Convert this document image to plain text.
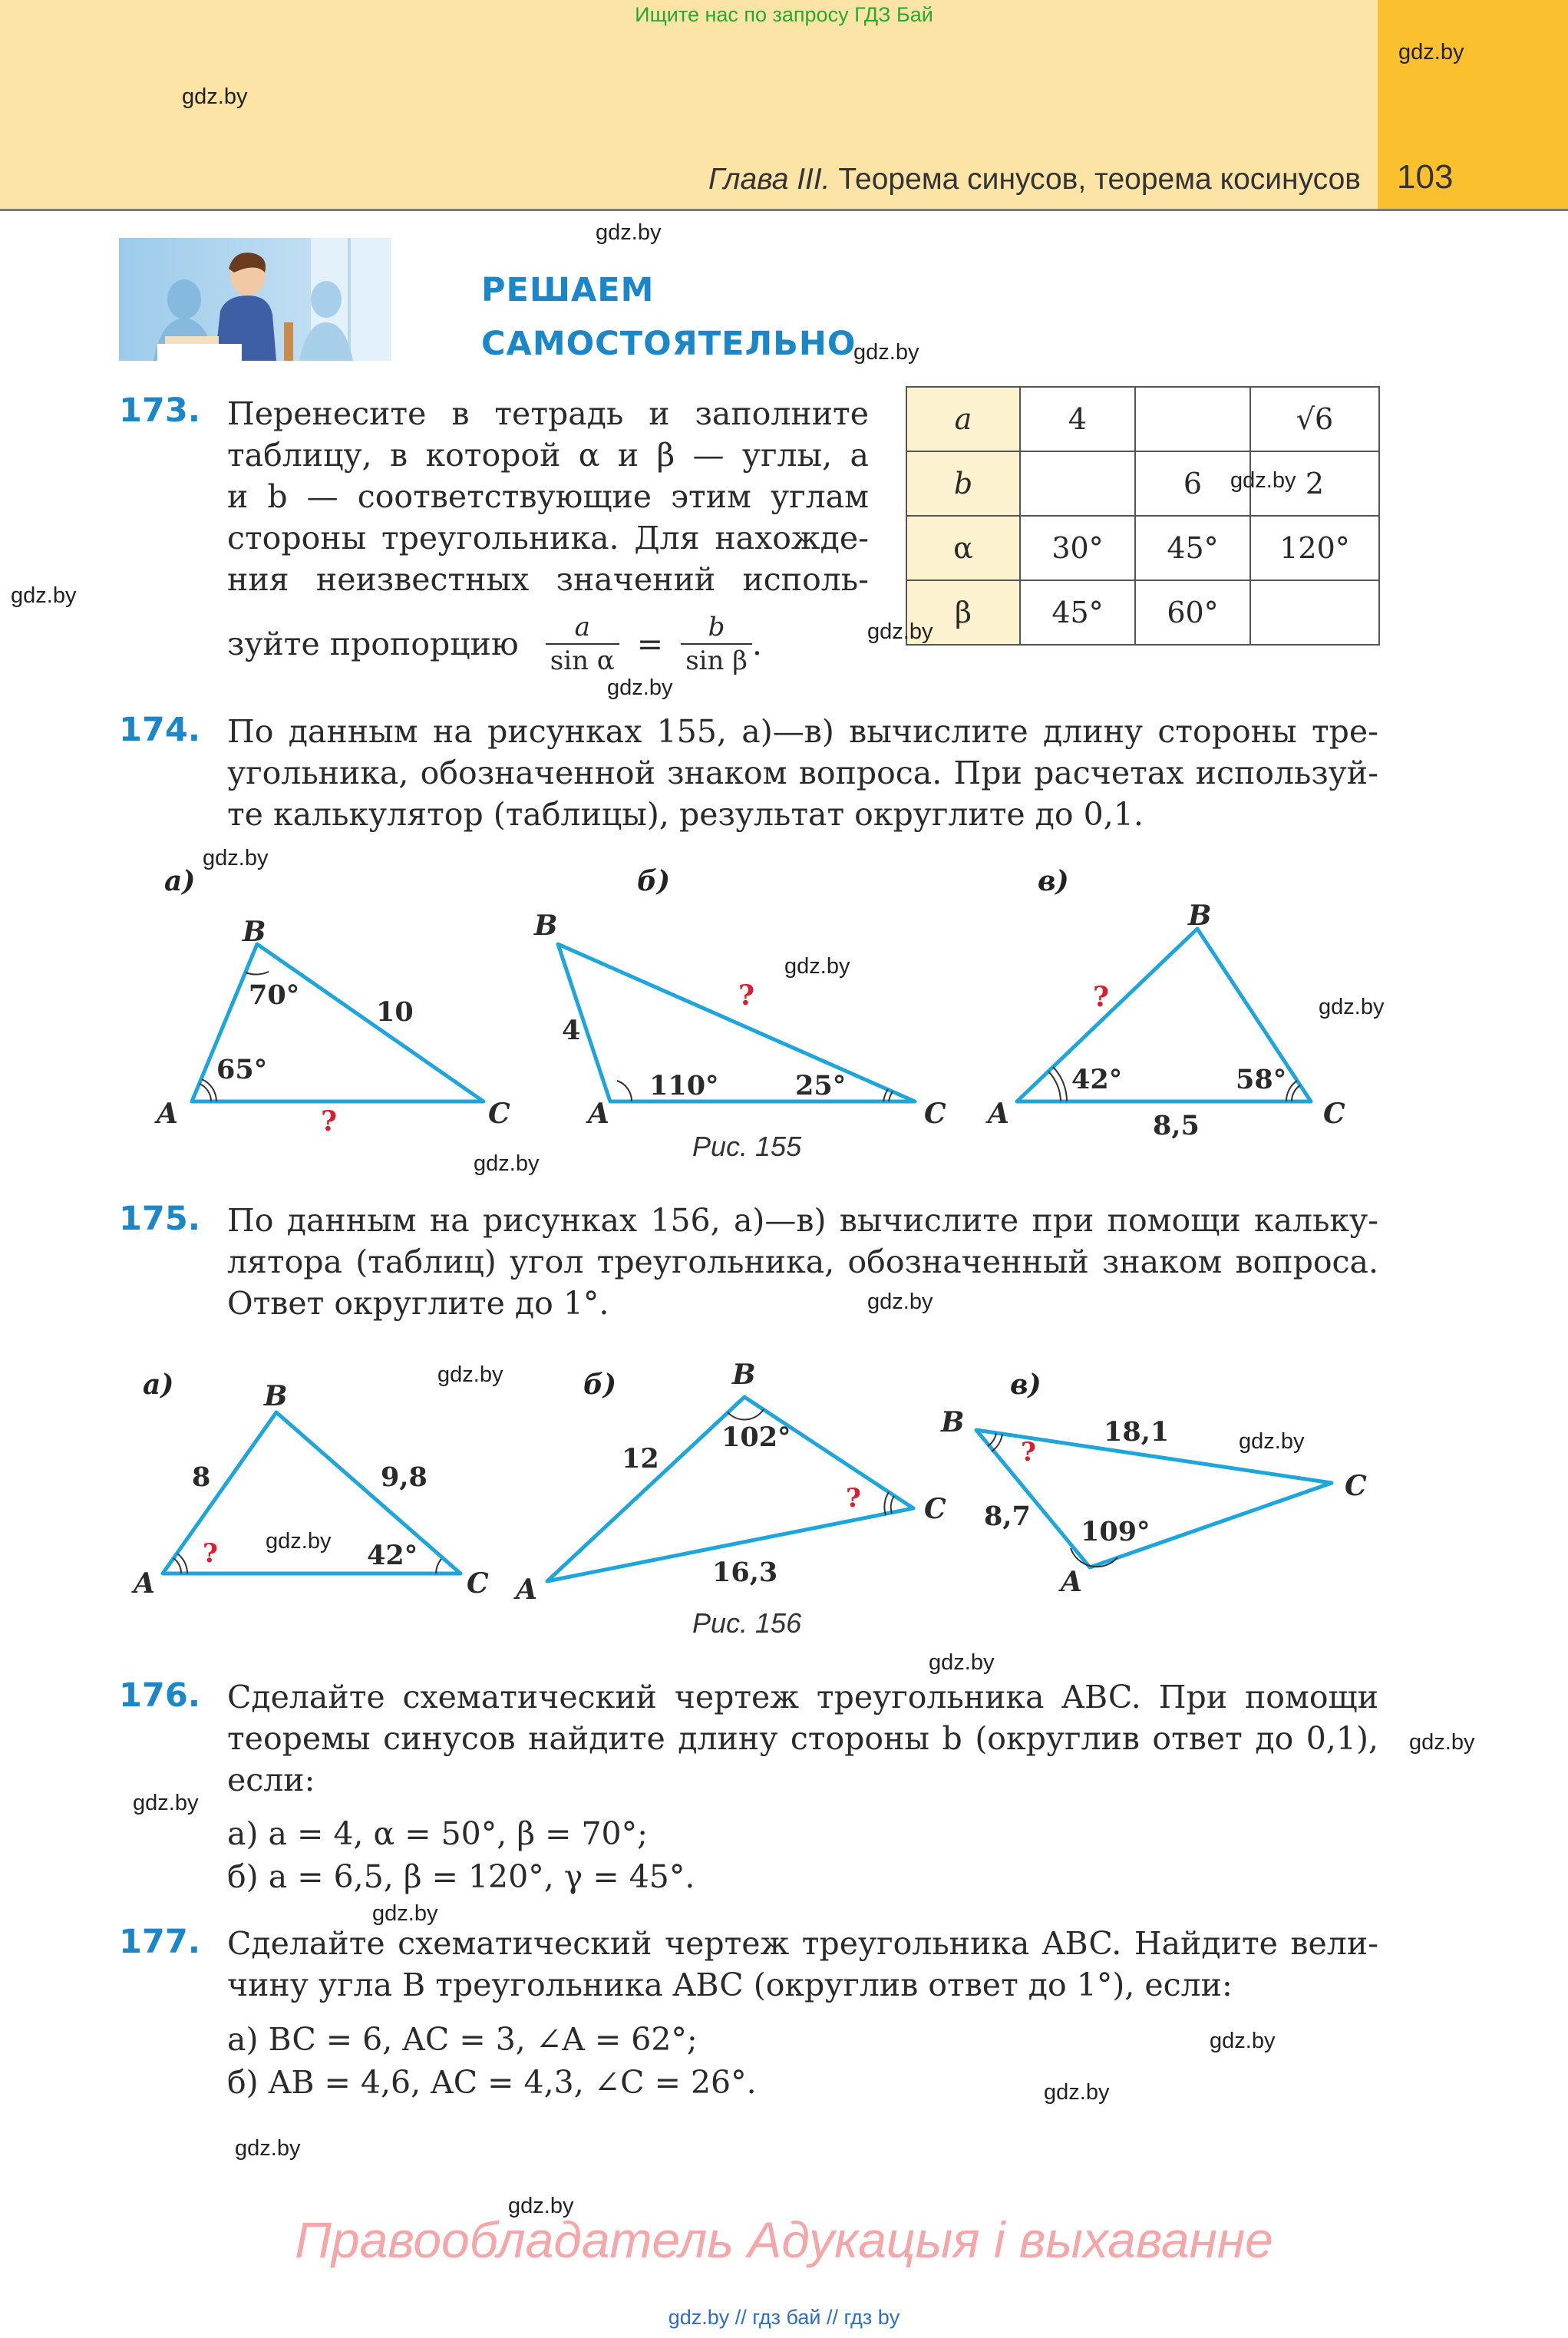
Ищите нас по запросу ГДЗ Бай
gdz.by
gdz.by
Глава III. Теорема синусов, теорема косинусов 103
gdz.by
РЕШАЕМ
САМОСТОЯТЕЛЬНО
gdz.by
173. Перенесите в тетрадь и заполните
таблицу, в которой α и β — углы, a
и b — соответствующие этим углам
стороны треугольника. Для нахожде-
ния неизвестных значений исполь-
зуйте пропорцию $\frac{a}{\text{sin α}} = \frac{b}{\text{sin β}}$ .
gdz.by
gdz.by
a	4		√6
b		6	2
α	30°	45°	120°
β	45°	60°	
gdz.by
gdz.by
174. По данным на рисунках 155, а)—в) вычислите длину стороны тре-
угольника, обозначенной знаком вопроса. При расчетах используй-
те калькулятор (таблицы), результат округлите до 0,1.
а)	б)	в)
B
A	C
70°
65°
10
?
B
A	C
4
110°	25°
?
B
A	C
42°	58°
8,5
?
Рис. 155
gdz.by
gdz.by
gdz.by
gdz.by
175. По данным на рисунках 156, а)—в) вычислите при помощи кальку-
лятора (таблиц) угол треугольника, обозначенный знаком вопроса.
Ответ округлите до 1°.	gdz.by
а)	б)	в)
B
A	C
8	9,8
42°
?
B
A
C
12
16,3
102°
?
B
A
C
18,1
8,7 109°
?
Рис. 156
gdz.by
gdz.by
gdz.by
gdz.by
176. Сделайте схематический чертеж треугольника ABC. При помощи
теоремы синусов найдите длину стороны b (округлив ответ до 0,1),
если:
а) a = 4, α = 50°, β = 70°;
б) a = 6,5, β = 120°, γ = 45°.
gdz.by
gdz.by
gdz.by
177. Сделайте схематический чертеж треугольника ABC. Найдите вели-
чину угла B треугольника ABC (округлив ответ до 1°), если:
а) BC = 6, AC = 3, ∠A = 62°;
б) AB = 4,6, AC = 4,3, ∠C = 26°.
gdz.by
gdz.by
gdz.by
gdz.by
Правообладатель Адукацыя і выхаванне
gdz.by // гдз бай // гдз by
